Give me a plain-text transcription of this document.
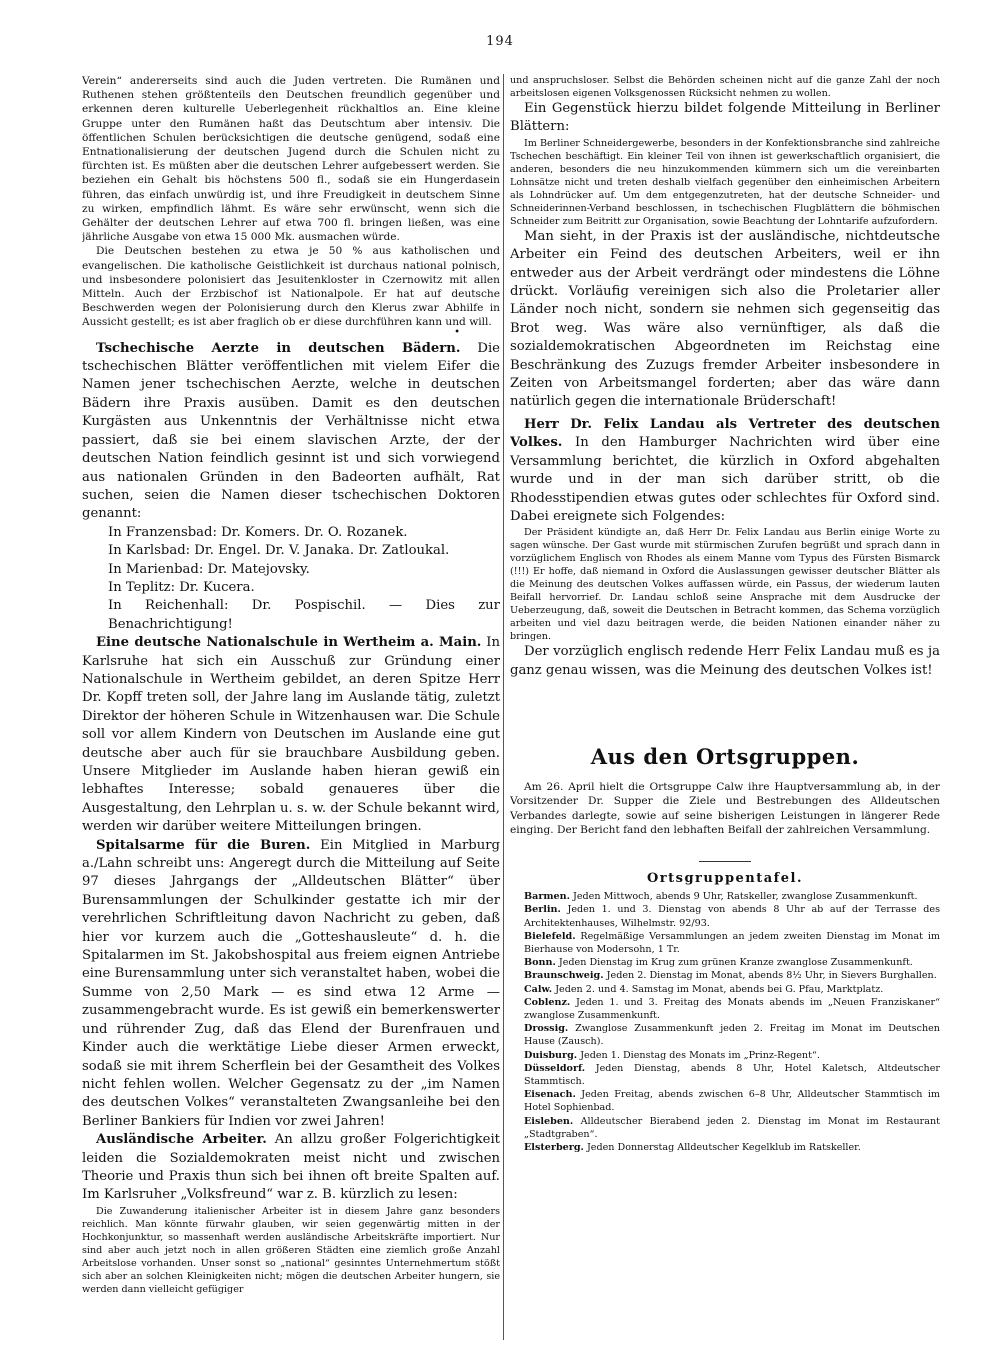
194

Verein“ andererseits sind auch die Juden vertreten. Die Rumänen und Ruthenen stehen größtenteils den Deutschen freundlich gegenüber und erkennen deren kulturelle Ueberlegenheit rückhaltlos an. Eine kleine Gruppe unter den Rumänen haßt das Deutschtum aber intensiv. Die öffentlichen Schulen berücksichtigen die deutsche genügend, sodaß eine Entnationalisierung der deutschen Jugend durch die Schulen nicht zu fürchten ist. Es müßten aber die deutschen Lehrer aufgebessert werden. Sie beziehen ein Gehalt bis höchstens 500 fl., sodaß sie ein Hungerdasein führen, das einfach unwürdig ist, und ihre Freudigkeit in deutschem Sinne zu wirken, empfindlich lähmt. Es wäre sehr erwünscht, wenn sich die Gehälter der deutschen Lehrer auf etwa 700 fl. bringen ließen, was eine jährliche Ausgabe von etwa 15 000 Mk. ausmachen würde.

Die Deutschen bestehen zu etwa je 50 % aus katholischen und evangelischen. Die katholische Geistlichkeit ist durchaus national polnisch, und insbesondere polonisiert das Jesuitenkloster in Czernowitz mit allen Mitteln. Auch der Erzbischof ist Nationalpole. Er hat auf deutsche Beschwerden wegen der Polonisierung durch den Klerus zwar Abhilfe in Aussicht gestellt; es ist aber fraglich ob er diese durchführen kann und will.

•

Tschechische Aerzte in deutschen Bädern. Die tschechischen Blätter veröffentlichen mit vielem Eifer die Namen jener tschechischen Aerzte, welche in deutschen Bädern ihre Praxis ausüben. Damit es den deutschen Kurgästen aus Unkenntnis der Verhältnisse nicht etwa passiert, daß sie bei einem slavischen Arzte, der der deutschen Nation feindlich gesinnt ist und sich vorwiegend aus nationalen Gründen in den Badeorten aufhält, Rat suchen, seien die Namen dieser tschechischen Doktoren genannt:

In Franzensbad: Dr. Komers. Dr. O. Rozanek.
In Karlsbad: Dr. Engel. Dr. V. Janaka. Dr. Zatloukal.
In Marienbad: Dr. Matejovsky.
In Teplitz: Dr. Kucera.
In Reichenhall: Dr. Pospischil. — Dies zur Benachrichtigung!

Eine deutsche Nationalschule in Wertheim a. Main. In Karlsruhe hat sich ein Ausschuß zur Gründung einer Nationalschule in Wertheim gebildet, an deren Spitze Herr Dr. Kopff treten soll, der Jahre lang im Auslande tätig, zuletzt Direktor der höheren Schule in Witzenhausen war. Die Schule soll vor allem Kindern von Deutschen im Auslande eine gut deutsche aber auch für sie brauchbare Ausbildung geben. Unsere Mitglieder im Auslande haben hieran gewiß ein lebhaftes Interesse; sobald genaueres über die Ausgestaltung, den Lehrplan u. s. w. der Schule bekannt wird, werden wir darüber weitere Mitteilungen bringen.

Spitalsarme für die Buren. Ein Mitglied in Marburg a./Lahn schreibt uns: Angeregt durch die Mitteilung auf Seite 97 dieses Jahrgangs der „Alldeutschen Blätter“ über Burensammlungen der Schulkinder gestatte ich mir der verehrlichen Schriftleitung davon Nachricht zu geben, daß hier vor kurzem auch die „Gotteshausleute“ d. h. die Spitalarmen im St. Jakobshospital aus freiem eignen Antriebe eine Burensammlung unter sich veranstaltet haben, wobei die Summe von 2,50 Mark — es sind etwa 12 Arme — zusammengebracht wurde. Es ist gewiß ein bemerkenswerter und rührender Zug, daß das Elend der Burenfrauen und Kinder auch die werktätige Liebe dieser Armen erweckt, sodaß sie mit ihrem Scherflein bei der Gesamtheit des Volkes nicht fehlen wollen. Welcher Gegensatz zu der „im Namen des deutschen Volkes“ veranstalteten Zwangsanleihe bei den Berliner Bankiers für Indien vor zwei Jahren!

Ausländische Arbeiter. An allzu großer Folgerichtigkeit leiden die Sozialdemokraten meist nicht und zwischen Theorie und Praxis thun sich bei ihnen oft breite Spalten auf. Im Karlsruher „Volksfreund“ war z. B. kürzlich zu lesen:

Die Zuwanderung italienischer Arbeiter ist in diesem Jahre ganz besonders reichlich. Man könnte fürwahr glauben, wir seien gegenwärtig mitten in der Hochkonjunktur, so massenhaft werden ausländische Arbeitskräfte importiert. Nur sind aber auch jetzt noch in allen größeren Städten eine ziemlich große Anzahl Arbeitslose vorhanden. Unser sonst so „national“ gesinntes Unternehmertum stößt sich aber an solchen Kleinigkeiten nicht; mögen die deutschen Arbeiter hungern, sie werden dann vielleicht gefügiger

und anspruchsloser. Selbst die Behörden scheinen nicht auf die ganze Zahl der noch arbeitslosen eigenen Volksgenossen Rücksicht nehmen zu wollen.

Ein Gegenstück hierzu bildet folgende Mitteilung in Berliner Blättern:

Im Berliner Schneidergewerbe, besonders in der Konfektionsbranche sind zahlreiche Tschechen beschäftigt. Ein kleiner Teil von ihnen ist gewerkschaftlich organisiert, die anderen, besonders die neu hinzukommenden kümmern sich um die vereinbarten Lohnsätze nicht und treten deshalb vielfach gegenüber den einheimischen Arbeitern als Lohndrücker auf. Um dem entgegenzutreten, hat der deutsche Schneider- und Schneiderinnen-Verband beschlossen, in tschechischen Flugblättern die böhmischen Schneider zum Beitritt zur Organisation, sowie Beachtung der Lohntarife aufzufordern.

Man sieht, in der Praxis ist der ausländische, nichtdeutsche Arbeiter ein Feind des deutschen Arbeiters, weil er ihn entweder aus der Arbeit verdrängt oder mindestens die Löhne drückt. Vorläufig vereinigen sich also die Proletarier aller Länder noch nicht, sondern sie nehmen sich gegenseitig das Brot weg. Was wäre also vernünftiger, als daß die sozialdemokratischen Abgeordneten im Reichstag eine Beschränkung des Zuzugs fremder Arbeiter insbesondere in Zeiten von Arbeitsmangel forderten; aber das wäre dann natürlich gegen die internationale Brüderschaft!

Herr Dr. Felix Landau als Vertreter des deutschen Volkes. In den Hamburger Nachrichten wird über eine Versammlung berichtet, die kürzlich in Oxford abgehalten wurde und in der man sich darüber stritt, ob die Rhodesstipendien etwas gutes oder schlechtes für Oxford sind. Dabei ereignete sich Folgendes:

Der Präsident kündigte an, daß Herr Dr. Felix Landau aus Berlin einige Worte zu sagen wünsche. Der Gast wurde mit stürmischen Zurufen begrüßt und sprach dann in vorzüglichem Englisch von Rhodes als einem Manne vom Typus des Fürsten Bismarck (!!!) Er hoffe, daß niemand in Oxford die Auslassungen gewisser deutscher Blätter als die Meinung des deutschen Volkes auffassen würde, ein Passus, der wiederum lauten Beifall hervorrief. Dr. Landau schloß seine Ansprache mit dem Ausdrucke der Ueberzeugung, daß, soweit die Deutschen in Betracht kommen, das Schema vorzüglich arbeiten und viel dazu beitragen werde, die beiden Nationen einander näher zu bringen.

Der vorzüglich englisch redende Herr Felix Landau muß es ja ganz genau wissen, was die Meinung des deutschen Volkes ist!

Aus den Ortsgruppen.

Am 26. April hielt die Ortsgruppe Calw ihre Hauptversammlung ab, in der Vorsitzender Dr. Supper die Ziele und Bestrebungen des Alldeutschen Verbandes darlegte, sowie auf seine bisherigen Leistungen in längerer Rede einging. Der Bericht fand den lebhaften Beifall der zahlreichen Versammlung.

Ortsgruppentafel.

Barmen. Jeden Mittwoch, abends 9 Uhr, Ratskeller, zwanglose Zusammenkunft.

Berlin. Jeden 1. und 3. Dienstag von abends 8 Uhr ab auf der Terrasse des Architektenhauses, Wilhelmstr. 92/93.

Bielefeld. Regelmäßige Versammlungen an jedem zweiten Dienstag im Monat im Bierhause von Modersohn, 1 Tr.

Bonn. Jeden Dienstag im Krug zum grünen Kranze zwanglose Zusammenkunft.

Braunschweig. Jeden 2. Dienstag im Monat, abends 8½ Uhr, in Sievers Burghallen.

Calw. Jeden 2. und 4. Samstag im Monat, abends bei G. Pfau, Marktplatz.

Coblenz. Jeden 1. und 3. Freitag des Monats abends im „Neuen Franziskaner“ zwanglose Zusammenkunft.

Drossig. Zwanglose Zusammenkunft jeden 2. Freitag im Monat im Deutschen Hause (Zausch).

Duisburg. Jeden 1. Dienstag des Monats im „Prinz-Regent“.

Düsseldorf. Jeden Dienstag, abends 8 Uhr, Hotel Kaletsch, Altdeutscher Stammtisch.

Eisenach. Jeden Freitag, abends zwischen 6–8 Uhr, Alldeutscher Stammtisch im Hotel Sophienbad.

Eisleben. Alldeutscher Bierabend jeden 2. Dienstag im Monat im Restaurant „Stadtgraben“.

Elsterberg. Jeden Donnerstag Alldeutscher Kegelklub im Ratskeller.
